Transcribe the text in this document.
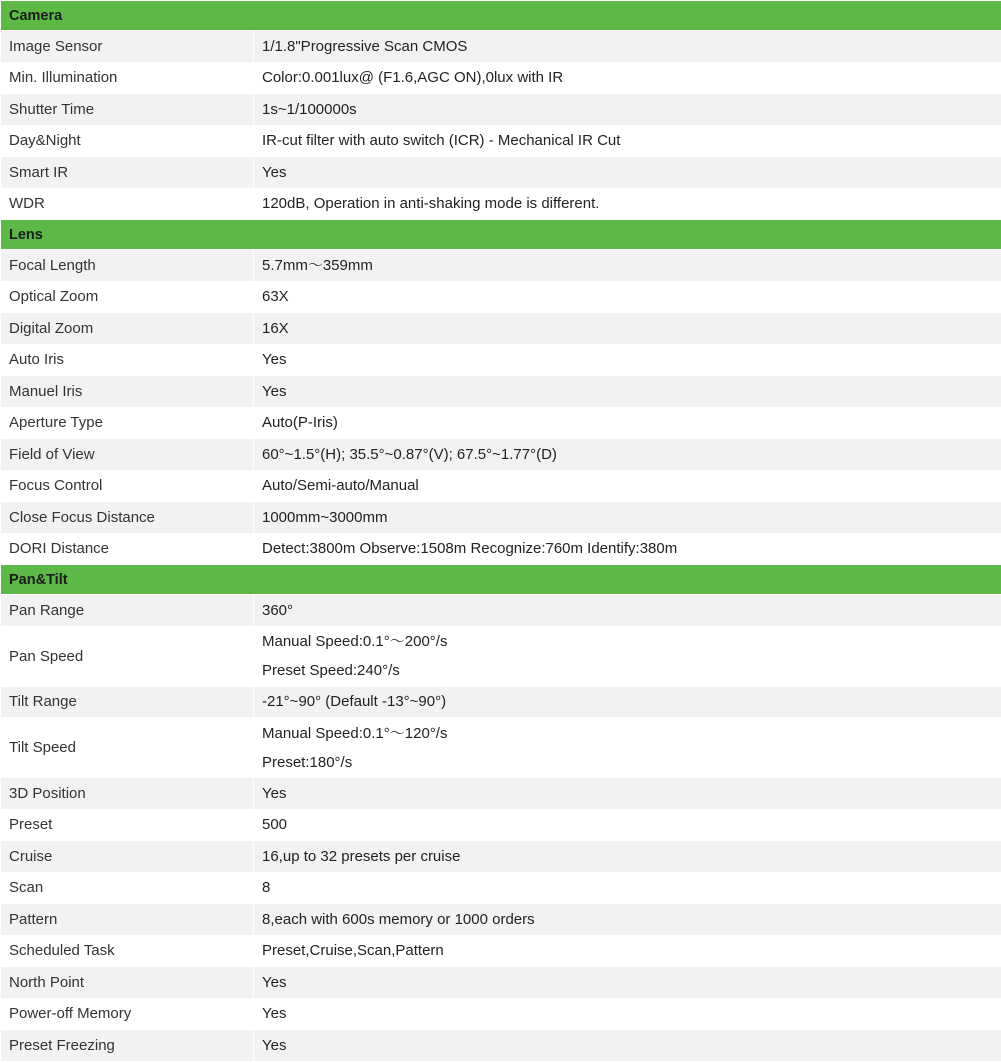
Camera	
Image Sensor	1/1.8"Progressive Scan CMOS

Min. Illumination	Color:0.001lux@ (F1.6,AGC ON),0lux with IR

Shutter Time	1s~1/100000s

Day&Night	IR-cut filter with auto switch (ICR) - Mechanical IR Cut

Smart IR	Yes

WDR	120dB, Operation in anti-shaking mode is different.

Lens	
Focal Length	5.7mm～359mm

Optical Zoom	63X

Digital Zoom	16X

Auto Iris	Yes

Manuel Iris	Yes

Aperture Type	Auto(P-Iris)

Field of View	60°~1.5°(H); 35.5°~0.87°(V); 67.5°~1.77°(D)

Focus Control	Auto/Semi-auto/Manual

Close Focus Distance	1000mm~3000mm

DORI Distance	Detect:3800m Observe:1508m Recognize:760m Identify:380m

Pan&Tilt	
Pan Range	360°

Pan Speed	Manual Speed:0.1°～200°/s
Preset Speed:240°/s

Tilt Range	-21°~90° (Default -13°~90°)

Tilt Speed	Manual Speed:0.1°～120°/s
Preset:180°/s

3D Position	Yes

Preset	500

Cruise	16,up to 32 presets per cruise

Scan	8

Pattern	8,each with 600s memory or 1000 orders

Scheduled Task	Preset,Cruise,Scan,Pattern

North Point	Yes

Power-off Memory	Yes

Preset Freezing	Yes
